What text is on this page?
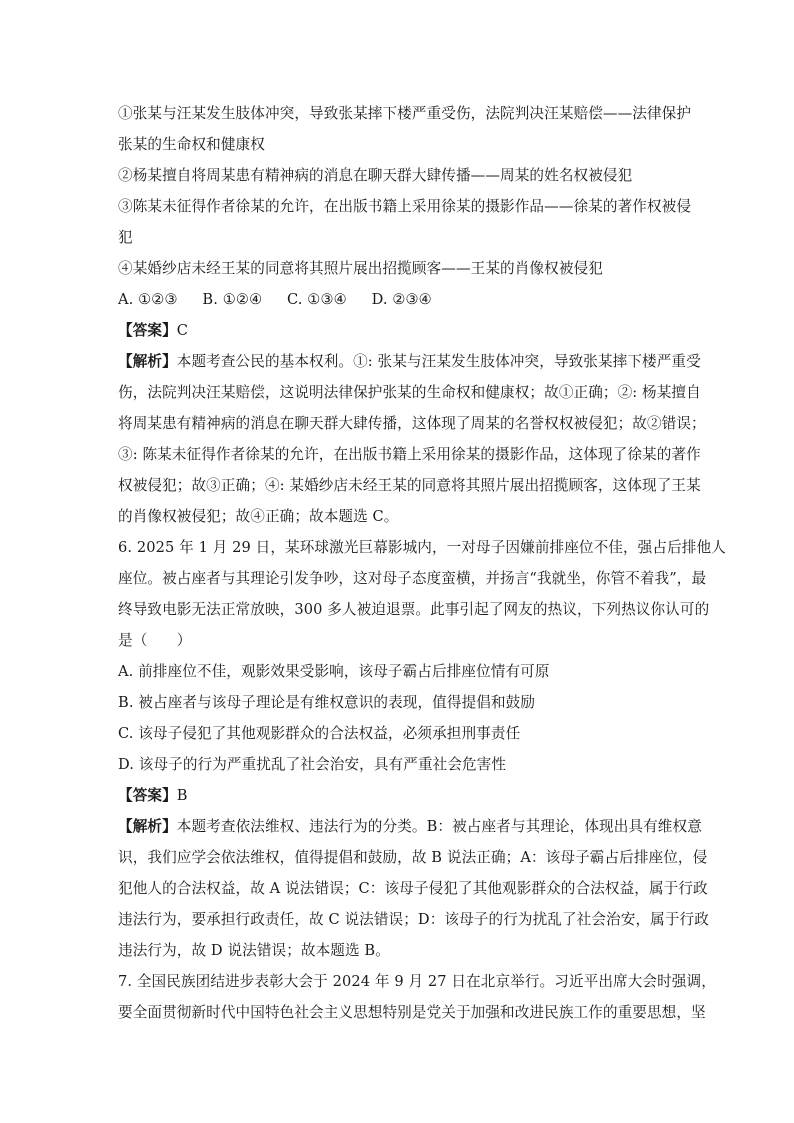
①张某与汪某发生肢体冲突，导致张某摔下楼严重受伤，法院判决汪某赔偿——法律保护
张某的生命权和健康权
②杨某擅自将周某患有精神病的消息在聊天群大肆传播——周某的姓名权被侵犯
③陈某未征得作者徐某的允许，在出版书籍上采用徐某的摄影作品——徐某的著作权被侵
犯
④某婚纱店未经王某的同意将其照片展出招揽顾客——王某的肖像权被侵犯
A. ①②③ B. ①②④ C. ①③④ D. ②③④
【答案】C
【解析】本题考查公民的基本权利。①: 张某与汪某发生肢体冲突，导致张某摔下楼严重受
伤，法院判决汪某赔偿，这说明法律保护张某的生命权和健康权；故①正确；②: 杨某擅自
将周某患有精神病的消息在聊天群大肆传播，这体现了周某的名誉权权被侵犯；故②错误；
③: 陈某未征得作者徐某的允许，在出版书籍上采用徐某的摄影作品，这体现了徐某的著作
权被侵犯；故③正确；④: 某婚纱店未经王某的同意将其照片展出招揽顾客，这体现了王某
的肖像权被侵犯；故④正确；故本题选 C。
6. 2025 年 1 月 29 日，某环球激光巨幕影城内，一对母子因嫌前排座位不佳，强占后排他人
座位。被占座者与其理论引发争吵，这对母子态度蛮横，并扬言“我就坐，你管不着我”，最
终导致电影无法正常放映，300 多人被迫退票。此事引起了网友的热议，下列热议你认可的
是（　　）
A. 前排座位不佳，观影效果受影响，该母子霸占后排座位情有可原
B. 被占座者与该母子理论是有维权意识的表现，值得提倡和鼓励
C. 该母子侵犯了其他观影群众的合法权益，必须承担刑事责任
D. 该母子的行为严重扰乱了社会治安，具有严重社会危害性
【答案】B
【解析】本题考查依法维权、违法行为的分类。B：被占座者与其理论，体现出具有维权意
识，我们应学会依法维权，值得提倡和鼓励，故 B 说法正确；A：该母子霸占后排座位，侵
犯他人的合法权益，故 A 说法错误；C：该母子侵犯了其他观影群众的合法权益，属于行政
违法行为，要承担行政责任，故 C 说法错误；D：该母子的行为扰乱了社会治安，属于行政
违法行为，故 D 说法错误；故本题选 B。
7. 全国民族团结进步表彰大会于 2024 年 9 月 27 日在北京举行。习近平出席大会时强调，
要全面贯彻新时代中国特色社会主义思想特别是党关于加强和改进民族工作的重要思想，坚
